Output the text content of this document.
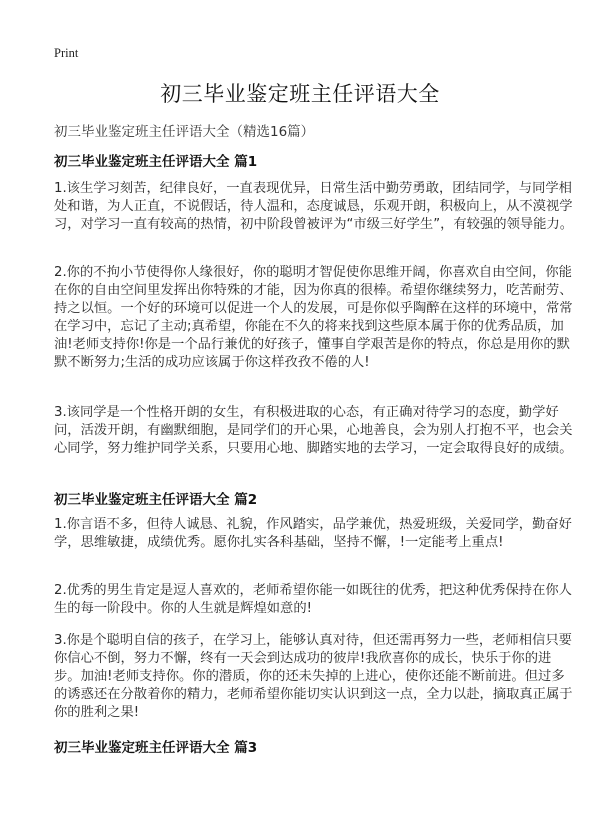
Print
初三毕业鉴定班主任评语大全
初三毕业鉴定班主任评语大全（精选16篇）
初三毕业鉴定班主任评语大全 篇1

1.该生学习刻苦，纪律良好，一直表现优异，日常生活中勤劳勇敢，团结同学，与同学相处和谐，为人正直，不说假话，待人温和，态度诚恳，乐观开朗，积极向上，从不漠视学习，对学习一直有较高的热情，初中阶段曾被评为“市级三好学生”，有较强的领导能力。

2.你的不拘小节使得你人缘很好，你的聪明才智促使你思维开阔，你喜欢自由空间，你能在你的自由空间里发挥出你特殊的才能，因为你真的很棒。希望你继续努力，吃苦耐劳、持之以恒。一个好的环境可以促进一个人的发展，可是你似乎陶醉在这样的环境中，常常在学习中，忘记了主动;真希望，你能在不久的将来找到这些原本属于你的优秀品质，加油!老师支持你!你是一个品行兼优的好孩子，懂事自学艰苦是你的特点，你总是用你的默默不断努力;生活的成功应该属于你这样孜孜不倦的人!

3.该同学是一个性格开朗的女生，有积极进取的心态，有正确对待学习的态度，勤学好问，活泼开朗，有幽默细胞，是同学们的开心果，心地善良，会为别人打抱不平，也会关心同学，努力维护同学关系，只要用心地、脚踏实地的去学习，一定会取得良好的成绩。

初三毕业鉴定班主任评语大全 篇2

1.你言语不多，但待人诚恳、礼貌，作风踏实，品学兼优，热爱班级，关爱同学，勤奋好学，思维敏捷，成绩优秀。愿你扎实各科基础，坚持不懈，!一定能考上重点!

2.优秀的男生肯定是逗人喜欢的，老师希望你能一如既往的优秀，把这种优秀保持在你人生的每一阶段中。你的人生就是辉煌如意的!

3.你是个聪明自信的孩子，在学习上，能够认真对待，但还需再努力一些，老师相信只要你信心不倒，努力不懈，终有一天会到达成功的彼岸!我欣喜你的成长，快乐于你的进步。加油!老师支持你。你的潜质，你的还未失掉的上进心，使你还能不断前进。但过多的诱惑还在分散着你的精力，老师希望你能切实认识到这一点，全力以赴，摘取真正属于你的胜利之果!

初三毕业鉴定班主任评语大全 篇3
